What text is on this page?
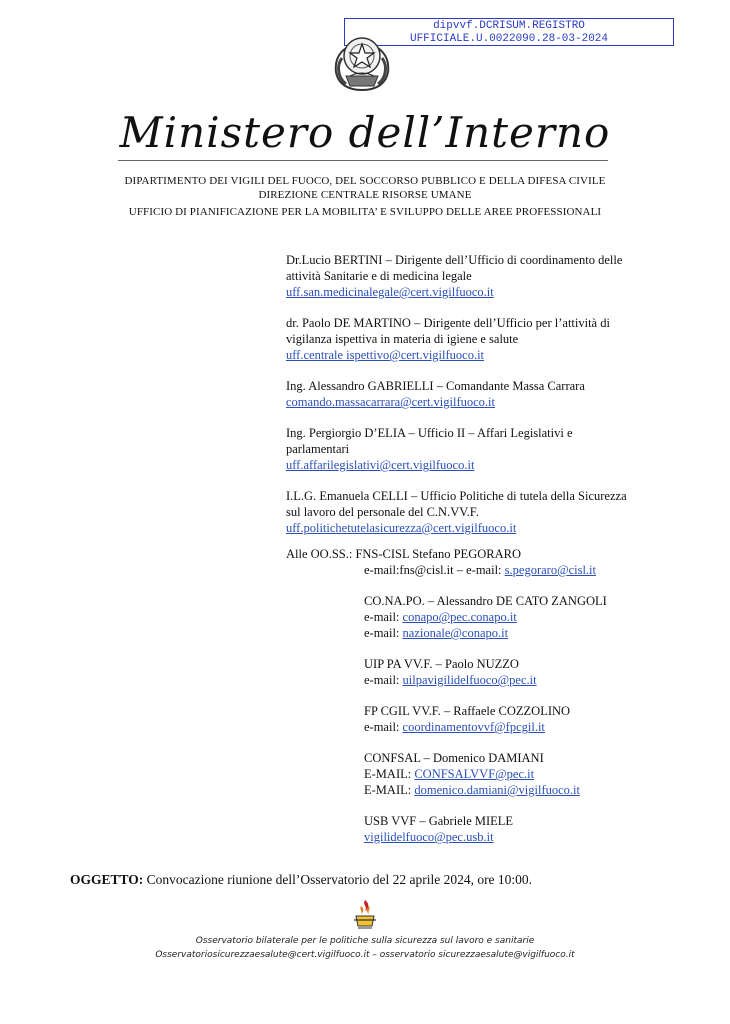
dipvvf.DCRISUM.REGISTRO
UFFICIALE.U.0022090.28-03-2024
Ministero dell’Interno
DIPARTIMENTO DEI VIGILI DEL FUOCO, DEL SOCCORSO PUBBLICO E DELLA DIFESA CIVILE
DIREZIONE CENTRALE RISORSE UMANE
UFFICIO DI PIANIFICAZIONE PER LA MOBILITA’ E SVILUPPO DELLE AREE PROFESSIONALI
Dr.Lucio BERTINI – Dirigente dell’Ufficio di coordinamento delle
attività Sanitarie e di medicina legale
uff.san.medicinalegale@cert.vigilfuoco.it
dr. Paolo DE MARTINO – Dirigente dell’Ufficio per l’attività di
vigilanza ispettiva in materia di igiene e salute
uff.centrale ispettivo@cert.vigilfuoco.it
Ing. Alessandro GABRIELLI – Comandante Massa Carrara
comando.massacarrara@cert.vigilfuoco.it
Ing. Pergiorgio D’ELIA – Ufficio II – Affari Legislativi e
parlamentari
uff.affarilegislativi@cert.vigilfuoco.it
I.L.G. Emanuela CELLI – Ufficio Politiche di tutela della Sicurezza
sul lavoro del personale del C.N.VV.F.
uff.politichetutelasicurezza@cert.vigilfuoco.it
Alle OO.SS.: FNS-CISL Stefano PEGORARO
e-mail:fns@cisl.it – e-mail: s.pegoraro@cisl.it
CO.NA.PO. – Alessandro DE CATO ZANGOLI
e-mail: conapo@pec.conapo.it
e-mail: nazionale@conapo.it
UIP PA VV.F. – Paolo NUZZO
e-mail: uilpavigilidelfuoco@pec.it
FP CGIL VV.F. – Raffaele COZZOLINO
e-mail: coordinamentovvf@fpcgil.it
CONFSAL – Domenico DAMIANI
E-MAIL: CONFSALVVF@pec.it
E-MAIL: domenico.damiani@vigilfuoco.it
USB VVF – Gabriele MIELE
vigilidelfuoco@pec.usb.it
OGGETTO: Convocazione riunione dell’Osservatorio del 22 aprile 2024, ore 10:00.
Osservatorio bilaterale per le politiche sulla sicurezza sul lavoro e sanitarie
Osservatoriosicurezzaesalute@cert.vigilfuoco.it – osservatorio sicurezzaesalute@vigilfuoco.it
